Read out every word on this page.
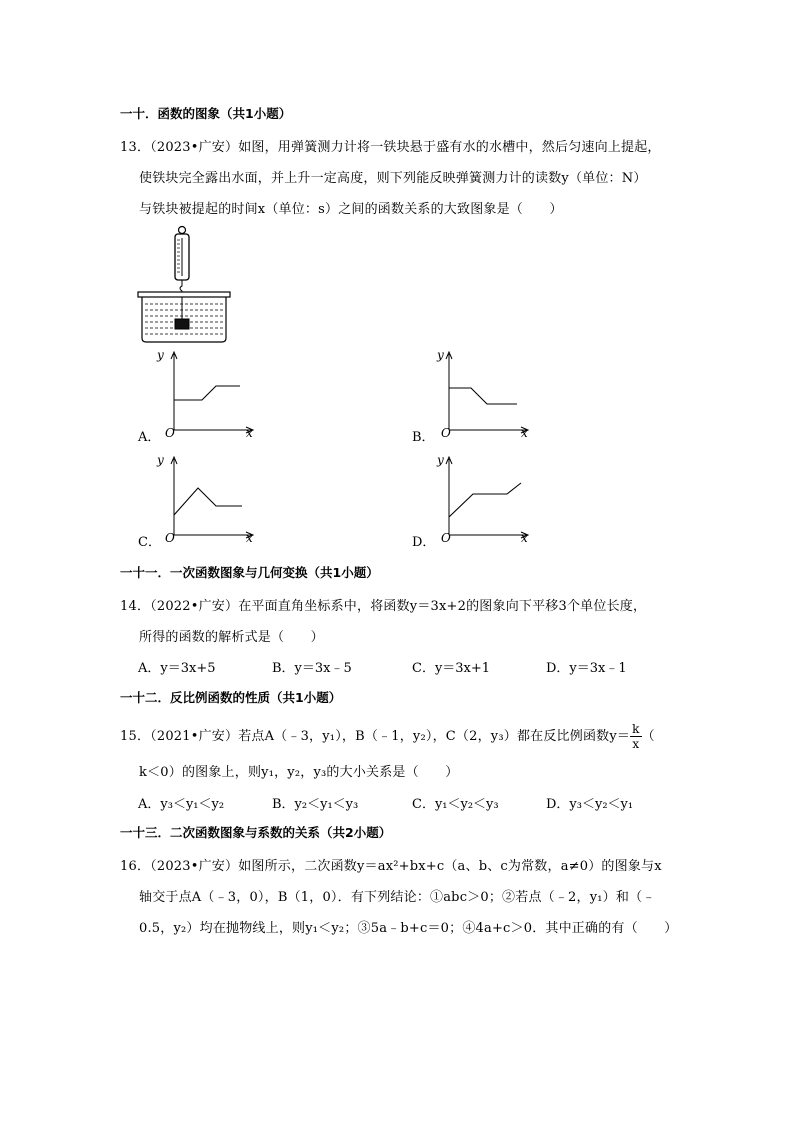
一十．函数的图象（共1小题）
13．（2023•广安）如图，用弹簧测力计将一铁块悬于盛有水的水槽中，然后匀速向上提起，
使铁块完全露出水面，并上升一定高度，则下列能反映弹簧测力计的读数y（单位：N）
与铁块被提起的时间x（单位：s）之间的函数关系的大致图象是（　　）
A．
y
x
O	B．
y
x
O
C．
y
x
O	D．
y
x
O
一十一．一次函数图象与几何变换（共1小题）
14．（2022•广安）在平面直角坐标系中，将函数y＝3x+2的图象向下平移3个单位长度，
所得的函数的解析式是（　　）
A．y＝3x+5	B．y＝3x﹣5	C．y＝3x+1	D．y＝3x﹣1
一十二．反比例函数的性质（共1小题）
15．（2021•广安）若点A（﹣3，y₁），B（﹣1，y₂），C（2，y₃）都在反比例函数$y= \frac{k}{x}$ （
k＜0）的图象上，则y₁，y₂，y₃的大小关系是（　　）
A．y₃＜y₁＜y₂	B．y₂＜y₁＜y₃	C．y₁＜y₂＜y₃	D．y₃＜y₂＜y₁
一十三．二次函数图象与系数的关系（共2小题）
16．（2023•广安）如图所示，二次函数y＝ax²+bx+c（a、b、c为常数，a≠0）的图象与x
轴交于点A（﹣3，0），B（1，0）．有下列结论：①abc＞0；②若点（﹣2，y₁）和（﹣
0.5，y₂）均在抛物线上，则y₁＜y₂；③5a﹣b+c＝0；④4a+c＞0．其中正确的有（　　）
